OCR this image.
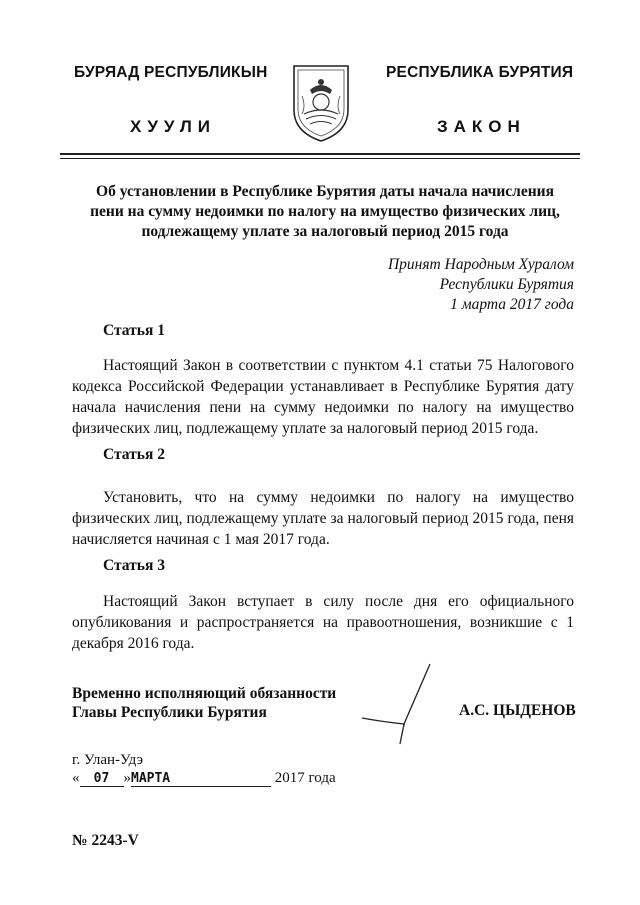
БУРЯАД РЕСПУБЛИКЫН	РЕСПУБЛИКА БУРЯТИЯ
ХУУЛИ	ЗАКОН
Об установлении в Республике Бурятия даты начала начисления
пени на сумму недоимки по налогу на имущество физических лиц,
подлежащему уплате за налоговый период 2015 года
Принят Народным Хуралом
Республики Бурятия
1 марта 2017 года
Статья 1
Настоящий Закон в соответствии с пунктом 4.1 статьи 75 Налогового кодекса Российской Федерации устанавливает в Республике Бурятия дату начала начисления пени на сумму недоимки по налогу на имущество физических лиц, подлежащему уплате за налоговый период 2015 года.
Статья 2
Установить, что на сумму недоимки по налогу на имущество физических лиц, подлежащему уплате за налоговый период 2015 года, пеня начисляется начиная с 1 мая 2017 года.
Статья 3
Настоящий Закон вступает в силу после дня его официального опубликования и распространяется на правоотношения, возникшие с 1 декабря 2016 года.
Временно исполняющий обязанности
Главы Республики Бурятия	А.С. ЦЫДЕНОВ
г. Улан-Удэ
« 07 »МАРТА	2017 года
№ 2243-V
